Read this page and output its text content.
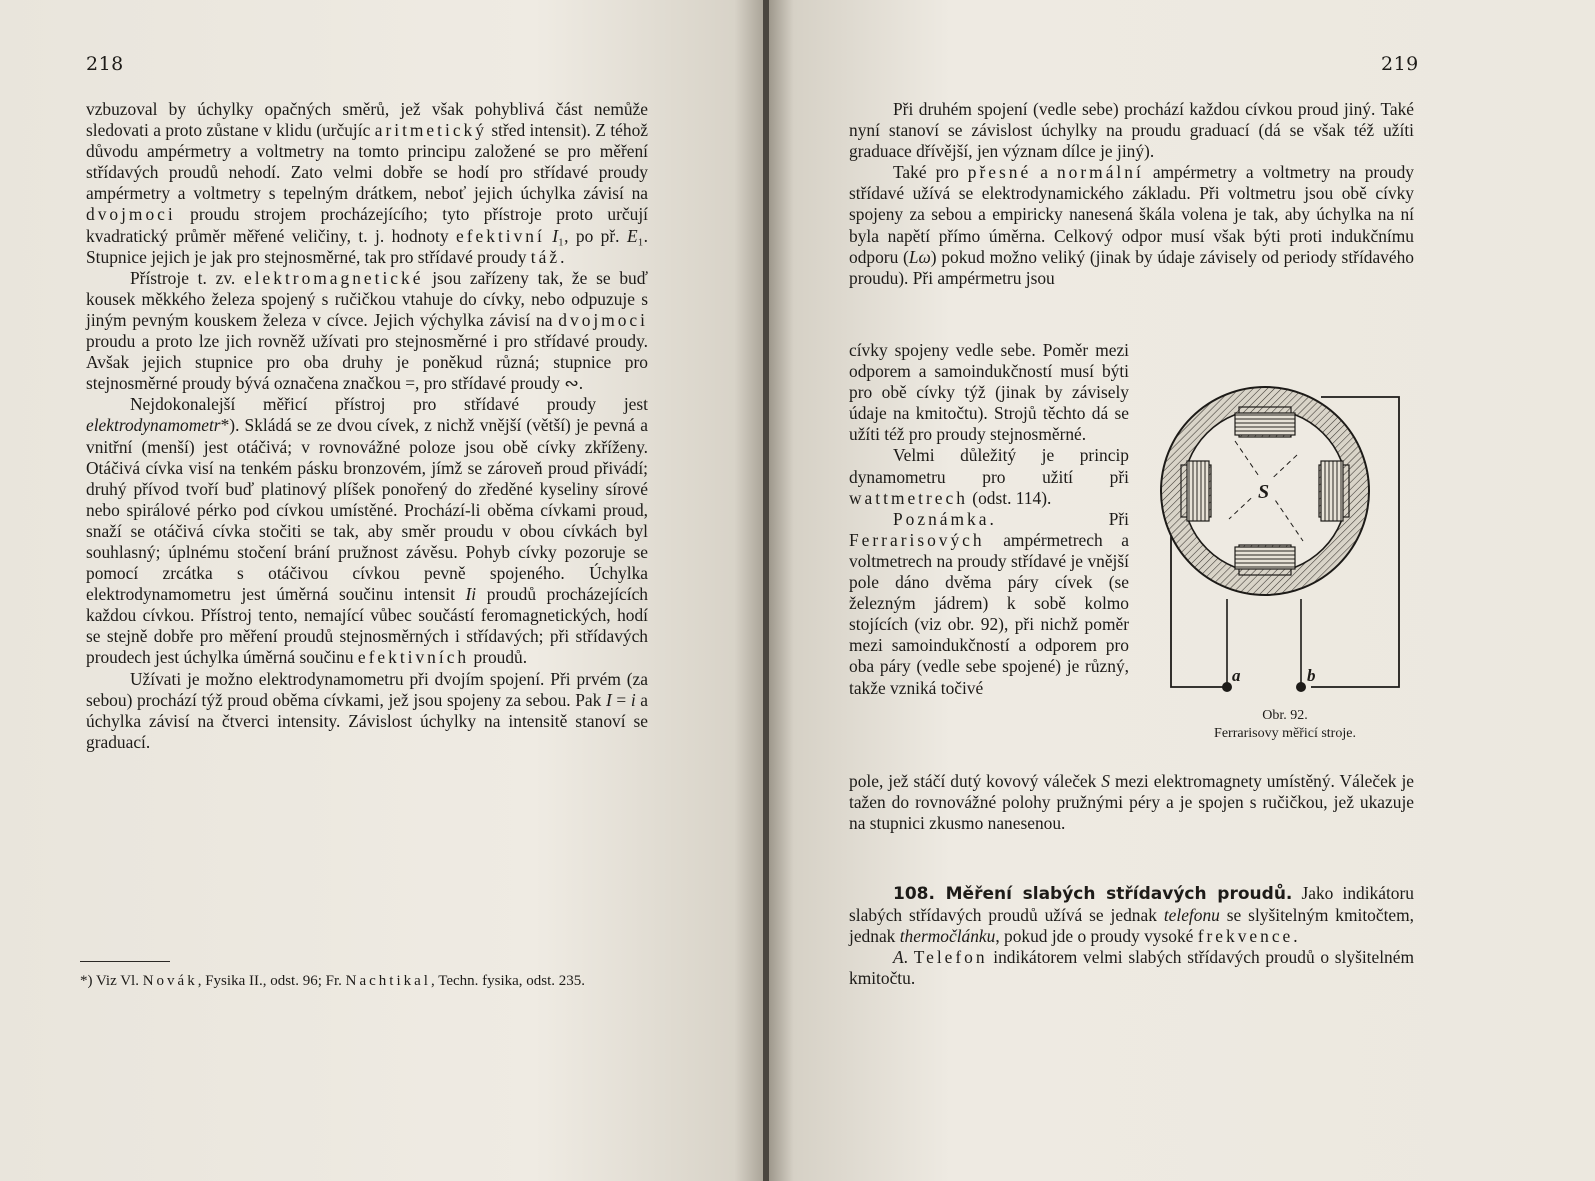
218

vzbuzoval by úchylky opačných směrů, jež však pohyblivá část nemůže sledovati a proto zůstane v klidu (určujíc aritmetický střed intensit). Z téhož důvodu ampérmetry a voltmetry na tomto principu založené se pro měření střídavých proudů nehodí. Zato velmi dobře se hodí pro střídavé proudy ampérmetry a voltmetry s tepelným drátkem, neboť jejich úchylka závisí na dvojmoci proudu strojem procházejícího; tyto přístroje proto určují kvadratický průměr měřené veličiny, t. j. hodnoty efektivní I₁, po př. E₁. Stupnice jejich je jak pro stejnosměrné, tak pro střídavé proudy táž.

Přístroje t. zv. elektromagnetické jsou zařízeny tak, že se buď kousek měkkého železa spojený s ručičkou vtahuje do cívky, nebo odpuzuje s jiným pevným kouskem železa v cívce. Jejich výchylka závisí na dvojmoci proudu a proto lze jich rovněž užívati pro stejnosměrné i pro střídavé proudy. Avšak jejich stupnice pro oba druhy je poněkud různá; stupnice pro stejnosměrné proudy bývá označena značkou =, pro střídavé proudy ∾.

Nejdokonalejší měřicí přístroj pro střídavé proudy jest elektrodynamometr*). Skládá se ze dvou cívek, z nichž vnější (větší) je pevná a vnitřní (menší) jest otáčivá; v rovnovážné poloze jsou obě cívky zkříženy. Otáčivá cívka visí na tenkém pásku bronzovém, jímž se zároveň proud přivádí; druhý přívod tvoří buď platinový plíšek ponořený do zředěné kyseliny sírové nebo spirálové pérko pod cívkou umístěné. Prochází-li oběma cívkami proud, snaží se otáčivá cívka stočiti se tak, aby směr proudu v obou cívkách byl souhlasný; úplnému stočení brání pružnost závěsu. Pohyb cívky pozoruje se pomocí zrcátka s otáčivou cívkou pevně spojeného. Úchylka elektrodynamometru jest úměrná součinu intensit Ii proudů procházejících každou cívkou. Přístroj tento, nemající vůbec součástí feromagnetických, hodí se stejně dobře pro měření proudů stejnosměrných i střídavých; při střídavých proudech jest úchylka úměrná součinu efektivních proudů.

Užívati je možno elektrodynamometru při dvojím spojení. Při prvém (za sebou) prochází týž proud oběma cívkami, jež jsou spojeny za sebou. Pak I = i a úchylka závisí na čtverci intensity. Závislost úchylky na intensitě stanoví se graduací.

*) Viz Vl. Novák, Fysika II., odst. 96; Fr. Nachtikal, Techn. fysika, odst. 235.
219

Při druhém spojení (vedle sebe) prochází každou cívkou proud jiný. Také nyní stanoví se závislost úchylky na proudu graduací (dá se však též užíti graduace dřívější, jen význam dílce je jiný).

Také pro přesné a normální ampérmetry a voltmetry na proudy střídavé užívá se elektrodynamického základu. Při voltmetru jsou obě cívky spojeny za sebou a empiricky nanesená škála volena je tak, aby úchylka na ní byla napětí přímo úměrna. Celkový odpor musí však býti proti indukčnímu odporu (Lω) pokud možno veliký (jinak by údaje závisely od periody střídavého proudu). Při ampérmetru jsou

cívky spojeny vedle sebe. Poměr mezi odporem a samoindukčností musí býti pro obě cívky týž (jinak by závisely údaje na kmitočtu). Strojů těchto dá se užíti též pro proudy stejnosměrné.

Velmi důležitý je princip dynamometru pro užití při wattmetrech (odst. 114).

Poznámka. Při Ferrarisových ampérmetrech a voltmetrech na proudy střídavé je vnější pole dáno dvěma páry cívek (se železným jádrem) k sobě kolmo stojících (viz obr. 92), při nichž poměr mezi samoindukčností a odporem pro oba páry (vedle sebe spojené) je různý, takže vzniká točivé

pole, jež stáčí dutý kovový váleček S mezi elektromagnety umístěný. Váleček je tažen do rovnovážné polohy pružnými péry a je spojen s ručičkou, jež ukazuje na stupnici zkusmo nanesenou.

108. Měření slabých střídavých proudů. Jako indikátoru slabých střídavých proudů užívá se jednak telefonu se slyšitelným kmitočtem, jednak thermočlánku, pokud jde o proudy vysoké frekvence.

A. Telefon indikátorem velmi slabých střídavých proudů o slyšitelném kmitočtu.

S
a	b
Obr. 92.
Ferrarisovy měřicí stroje.
